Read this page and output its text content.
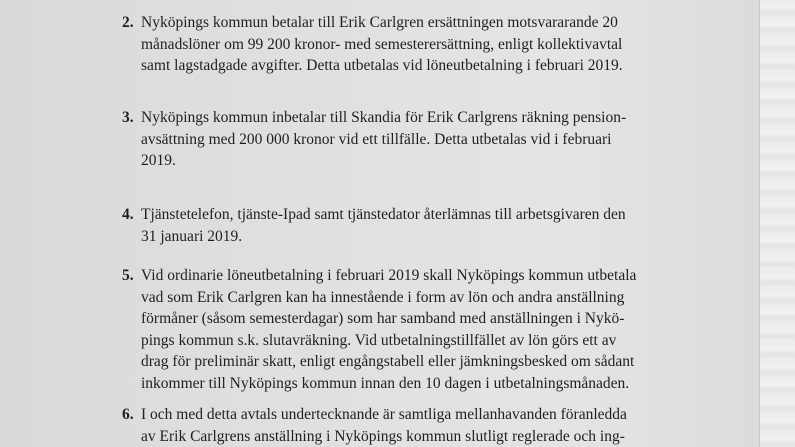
2. Nyköpings kommun betalar till Erik Carlgren ersättningen motsvararande 20
månadslöner om 99 200 kronor- med semesterersättning, enligt kollektivavtal
samt lagstadgade avgifter. Detta utbetalas vid löneutbetalning i februari 2019.
3. Nyköpings kommun inbetalar till Skandia för Erik Carlgrens räkning pension-
avsättning med 200 000 kronor vid ett tillfälle. Detta utbetalas vid i februari
2019.
4. Tjänstetelefon, tjänste-Ipad samt tjänstedator återlämnas till arbetsgivaren den
31 januari 2019.
5. Vid ordinarie löneutbetalning i februari 2019 skall Nyköpings kommun utbetala
vad som Erik Carlgren kan ha innestående i form av lön och andra anställning
förmåner (såsom semesterdagar) som har samband med anställningen i Nykö-
pings kommun s.k. slutavräkning. Vid utbetalningstillfället av lön görs ett av
drag för preliminär skatt, enligt engångstabell eller jämkningsbesked om sådant
inkommer till Nyköpings kommun innan den 10 dagen i utbetalningsmånaden.
6. I och med detta avtals undertecknande är samtliga mellanhavanden föranledda
av Erik Carlgrens anställning i Nyköpings kommun slutligt reglerade och ing-
